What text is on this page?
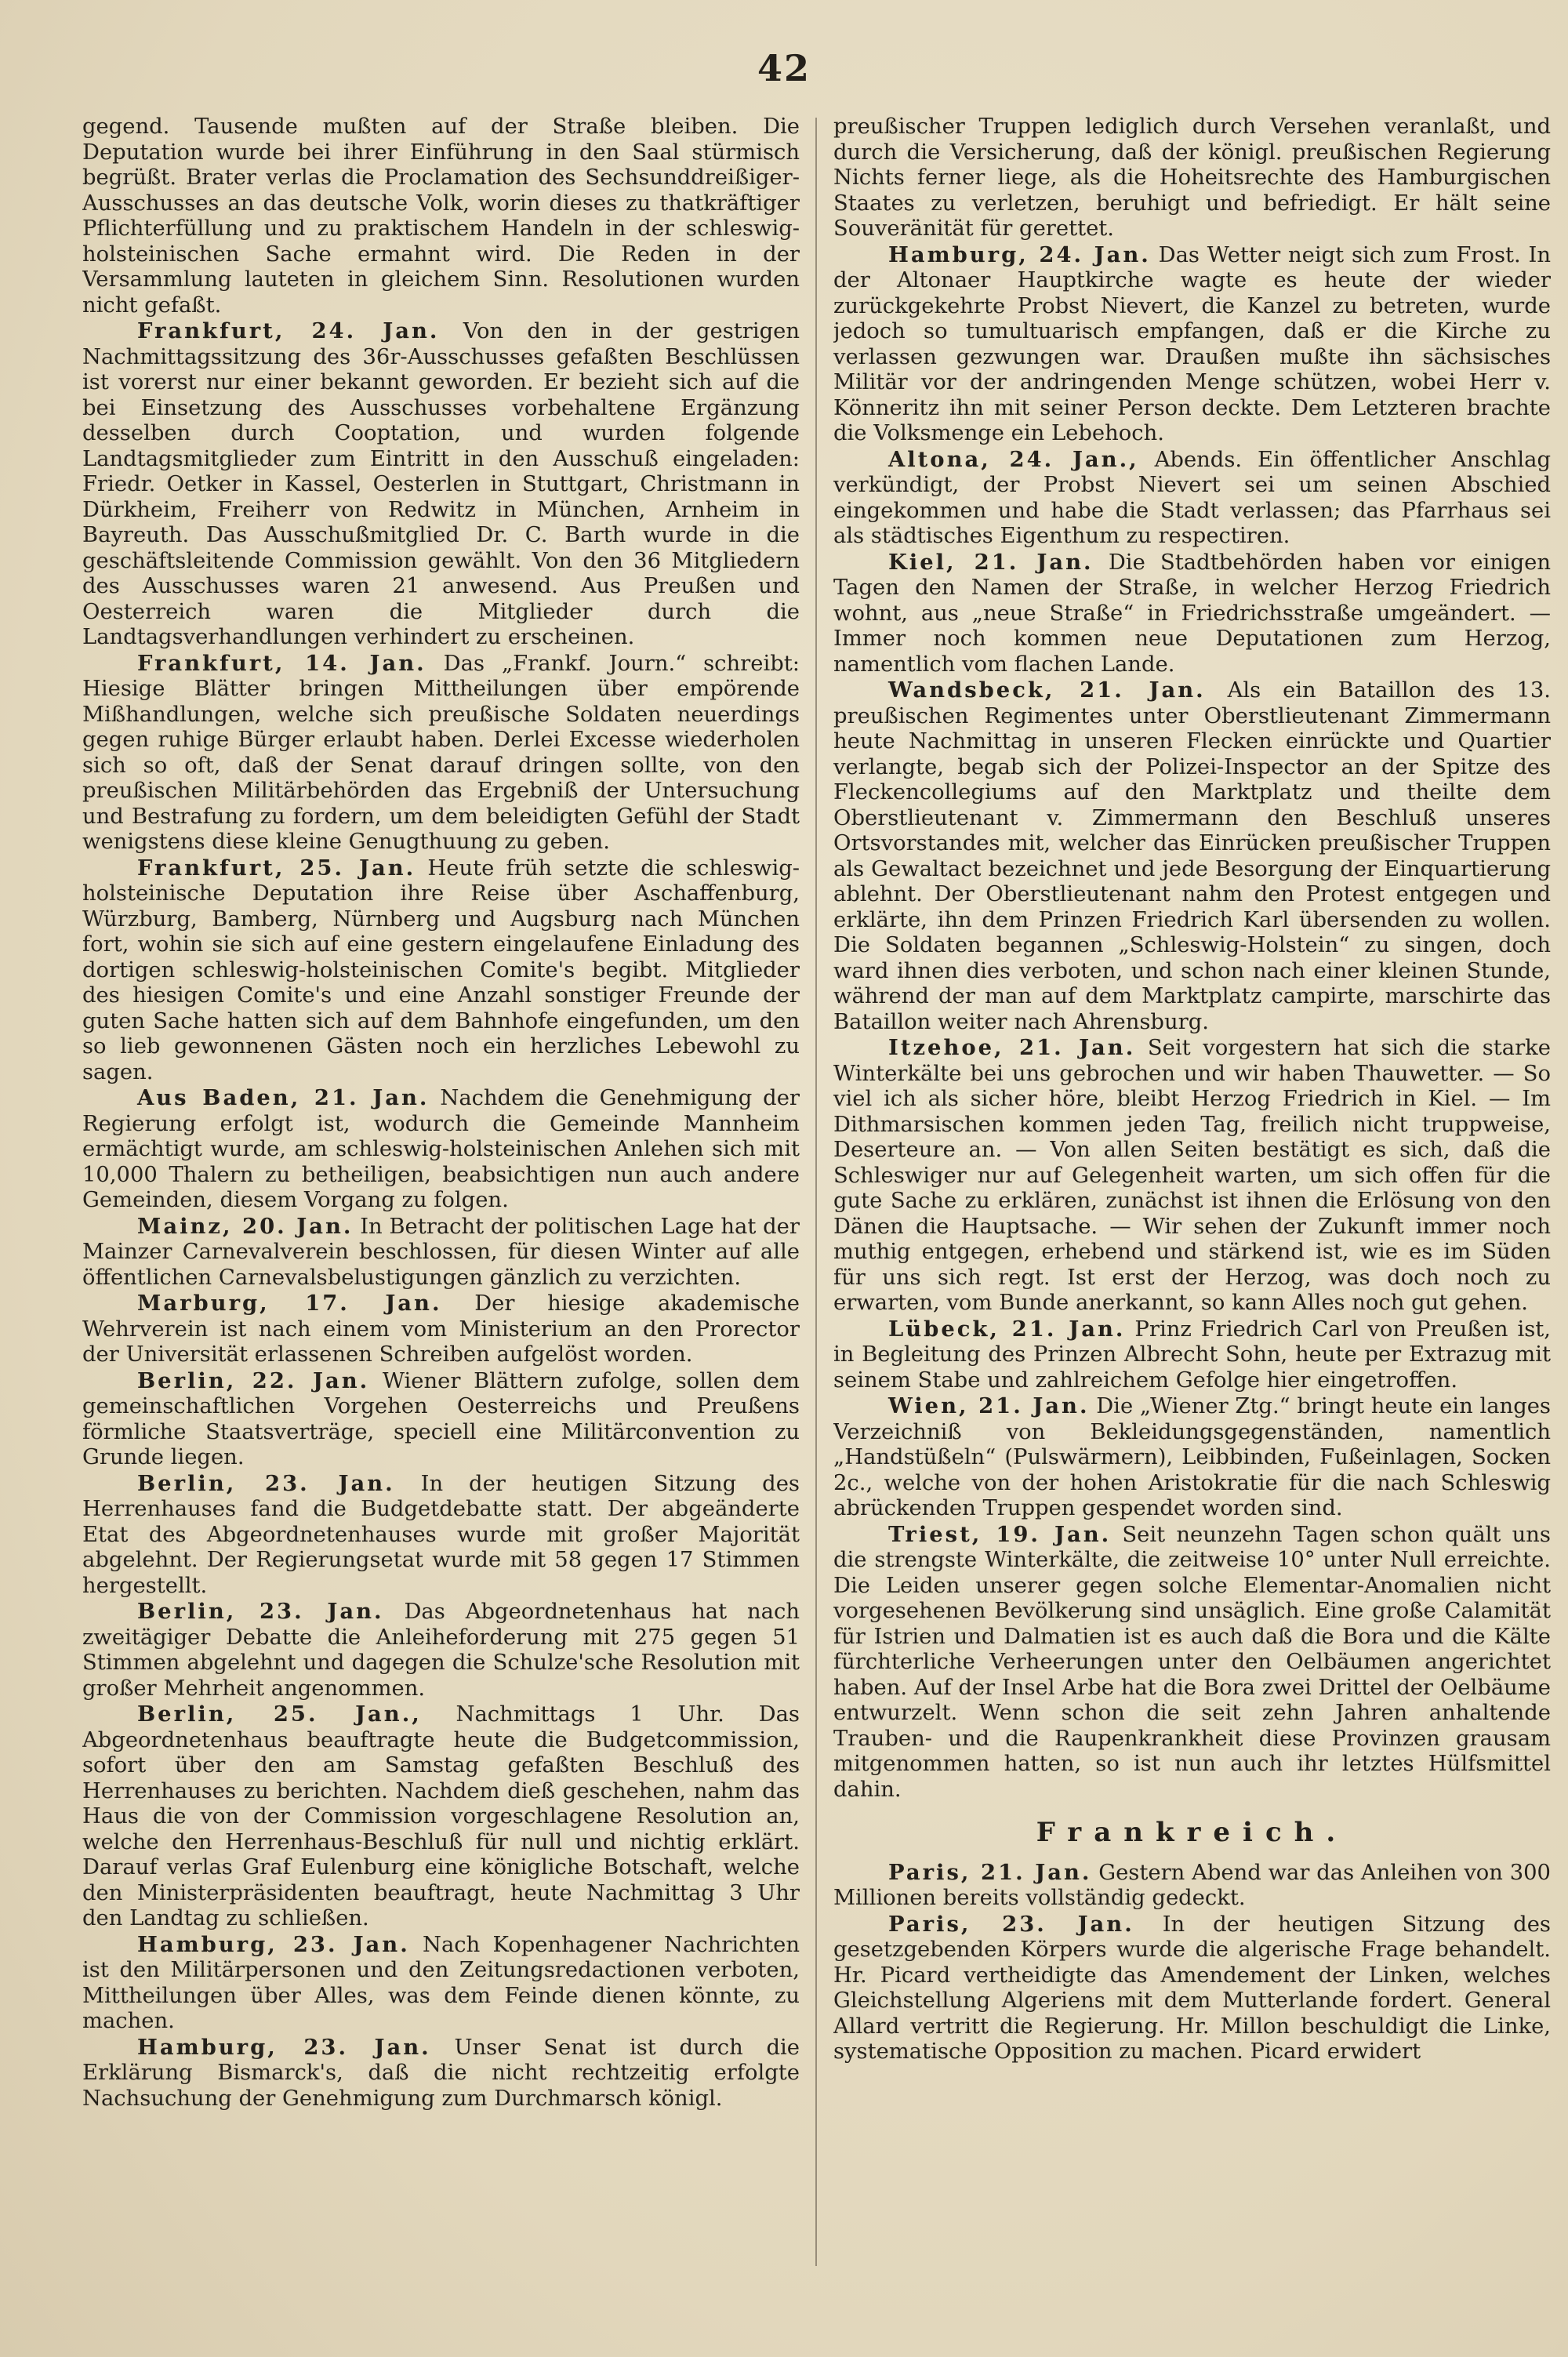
42

gegend. Tausende mußten auf der Straße bleiben. Die Deputation wurde bei ihrer Einführung in den Saal stürmisch begrüßt. Brater verlas die Proclamation des Sechsunddreißiger-Ausschusses an das deutsche Volk, worin dieses zu thatkräftiger Pflichterfüllung und zu praktischem Handeln in der schleswig-holsteinischen Sache ermahnt wird. Die Reden in der Versammlung lauteten in gleichem Sinn. Resolutionen wurden nicht gefaßt.

Frankfurt, 24. Jan. Von den in der gestrigen Nachmittagssitzung des 36r-Ausschusses gefaßten Beschlüssen ist vorerst nur einer bekannt geworden. Er bezieht sich auf die bei Einsetzung des Ausschusses vorbehaltene Ergänzung desselben durch Cooptation, und wurden folgende Landtagsmitglieder zum Eintritt in den Ausschuß eingeladen: Friedr. Oetker in Kassel, Oesterlen in Stuttgart, Christmann in Dürkheim, Freiherr von Redwitz in München, Arnheim in Bayreuth. Das Ausschußmitglied Dr. C. Barth wurde in die geschäftsleitende Commission gewählt. Von den 36 Mitgliedern des Ausschusses waren 21 anwesend. Aus Preußen und Oesterreich waren die Mitglieder durch die Landtagsverhandlungen verhindert zu erscheinen.

Frankfurt, 14. Jan. Das „Frankf. Journ.“ schreibt: Hiesige Blätter bringen Mittheilungen über empörende Mißhandlungen, welche sich preußische Soldaten neuerdings gegen ruhige Bürger erlaubt haben. Derlei Excesse wiederholen sich so oft, daß der Senat darauf dringen sollte, von den preußischen Militärbehörden das Ergebniß der Untersuchung und Bestrafung zu fordern, um dem beleidigten Gefühl der Stadt wenigstens diese kleine Genugthuung zu geben.

Frankfurt, 25. Jan. Heute früh setzte die schleswig-holsteinische Deputation ihre Reise über Aschaffenburg, Würzburg, Bamberg, Nürnberg und Augsburg nach München fort, wohin sie sich auf eine gestern eingelaufene Einladung des dortigen schleswig-holsteinischen Comite's begibt. Mitglieder des hiesigen Comite's und eine Anzahl sonstiger Freunde der guten Sache hatten sich auf dem Bahnhofe eingefunden, um den so lieb gewonnenen Gästen noch ein herzliches Lebewohl zu sagen.

Aus Baden, 21. Jan. Nachdem die Genehmigung der Regierung erfolgt ist, wodurch die Gemeinde Mannheim ermächtigt wurde, am schleswig-holsteinischen Anlehen sich mit 10,000 Thalern zu betheiligen, beabsichtigen nun auch andere Gemeinden, diesem Vorgang zu folgen.

Mainz, 20. Jan. In Betracht der politischen Lage hat der Mainzer Carnevalverein beschlossen, für diesen Winter auf alle öffentlichen Carnevalsbelustigungen gänzlich zu verzichten.

Marburg, 17. Jan. Der hiesige akademische Wehrverein ist nach einem vom Ministerium an den Prorector der Universität erlassenen Schreiben aufgelöst worden.

Berlin, 22. Jan. Wiener Blättern zufolge, sollen dem gemeinschaftlichen Vorgehen Oesterreichs und Preußens förmliche Staatsverträge, speciell eine Militärconvention zu Grunde liegen.

Berlin, 23. Jan. In der heutigen Sitzung des Herrenhauses fand die Budgetdebatte statt. Der abgeänderte Etat des Abgeordnetenhauses wurde mit großer Majorität abgelehnt. Der Regierungsetat wurde mit 58 gegen 17 Stimmen hergestellt.

Berlin, 23. Jan. Das Abgeordnetenhaus hat nach zweitägiger Debatte die Anleiheforderung mit 275 gegen 51 Stimmen abgelehnt und dagegen die Schulze'sche Resolution mit großer Mehrheit angenommen.

Berlin, 25. Jan., Nachmittags 1 Uhr. Das Abgeordnetenhaus beauftragte heute die Budgetcommission, sofort über den am Samstag gefaßten Beschluß des Herrenhauses zu berichten. Nachdem dieß geschehen, nahm das Haus die von der Commission vorgeschlagene Resolution an, welche den Herrenhaus-Beschluß für null und nichtig erklärt. Darauf verlas Graf Eulenburg eine königliche Botschaft, welche den Ministerpräsidenten beauftragt, heute Nachmittag 3 Uhr den Landtag zu schließen.

Hamburg, 23. Jan. Nach Kopenhagener Nachrichten ist den Militärpersonen und den Zeitungsredactionen verboten, Mittheilungen über Alles, was dem Feinde dienen könnte, zu machen.

Hamburg, 23. Jan. Unser Senat ist durch die Erklärung Bismarck's, daß die nicht rechtzeitig erfolgte Nachsuchung der Genehmigung zum Durchmarsch königl.

preußischer Truppen lediglich durch Versehen veranlaßt, und durch die Versicherung, daß der königl. preußischen Regierung Nichts ferner liege, als die Hoheitsrechte des Hamburgischen Staates zu verletzen, beruhigt und befriedigt. Er hält seine Souveränität für gerettet.

Hamburg, 24. Jan. Das Wetter neigt sich zum Frost. In der Altonaer Hauptkirche wagte es heute der wieder zurückgekehrte Probst Nievert, die Kanzel zu betreten, wurde jedoch so tumultuarisch empfangen, daß er die Kirche zu verlassen gezwungen war. Draußen mußte ihn sächsisches Militär vor der andringenden Menge schützen, wobei Herr v. Könneritz ihn mit seiner Person deckte. Dem Letzteren brachte die Volksmenge ein Lebehoch.

Altona, 24. Jan., Abends. Ein öffentlicher Anschlag verkündigt, der Probst Nievert sei um seinen Abschied eingekommen und habe die Stadt verlassen; das Pfarrhaus sei als städtisches Eigenthum zu respectiren.

Kiel, 21. Jan. Die Stadtbehörden haben vor einigen Tagen den Namen der Straße, in welcher Herzog Friedrich wohnt, aus „neue Straße“ in Friedrichsstraße umgeändert. — Immer noch kommen neue Deputationen zum Herzog, namentlich vom flachen Lande.

Wandsbeck, 21. Jan. Als ein Bataillon des 13. preußischen Regimentes unter Oberstlieutenant Zimmermann heute Nachmittag in unseren Flecken einrückte und Quartier verlangte, begab sich der Polizei-Inspector an der Spitze des Fleckencollegiums auf den Marktplatz und theilte dem Oberstlieutenant v. Zimmermann den Beschluß unseres Ortsvorstandes mit, welcher das Einrücken preußischer Truppen als Gewaltact bezeichnet und jede Besorgung der Einquartierung ablehnt. Der Oberstlieutenant nahm den Protest entgegen und erklärte, ihn dem Prinzen Friedrich Karl übersenden zu wollen. Die Soldaten begannen „Schleswig-Holstein“ zu singen, doch ward ihnen dies verboten, und schon nach einer kleinen Stunde, während der man auf dem Marktplatz campirte, marschirte das Bataillon weiter nach Ahrensburg.

Itzehoe, 21. Jan. Seit vorgestern hat sich die starke Winterkälte bei uns gebrochen und wir haben Thauwetter. — So viel ich als sicher höre, bleibt Herzog Friedrich in Kiel. — Im Dithmarsischen kommen jeden Tag, freilich nicht truppweise, Deserteure an. — Von allen Seiten bestätigt es sich, daß die Schleswiger nur auf Gelegenheit warten, um sich offen für die gute Sache zu erklären, zunächst ist ihnen die Erlösung von den Dänen die Hauptsache. — Wir sehen der Zukunft immer noch muthig entgegen, erhebend und stärkend ist, wie es im Süden für uns sich regt. Ist erst der Herzog, was doch noch zu erwarten, vom Bunde anerkannt, so kann Alles noch gut gehen.

Lübeck, 21. Jan. Prinz Friedrich Carl von Preußen ist, in Begleitung des Prinzen Albrecht Sohn, heute per Extrazug mit seinem Stabe und zahlreichem Gefolge hier eingetroffen.

Wien, 21. Jan. Die „Wiener Ztg.“ bringt heute ein langes Verzeichniß von Bekleidungsgegenständen, namentlich „Handstüßeln“ (Pulswärmern), Leibbinden, Fußeinlagen, Socken 2c., welche von der hohen Aristokratie für die nach Schleswig abrückenden Truppen gespendet worden sind.

Triest, 19. Jan. Seit neunzehn Tagen schon quält uns die strengste Winterkälte, die zeitweise 10° unter Null erreichte. Die Leiden unserer gegen solche Elementar-Anomalien nicht vorgesehenen Bevölkerung sind unsäglich. Eine große Calamität für Istrien und Dalmatien ist es auch daß die Bora und die Kälte fürchterliche Verheerungen unter den Oelbäumen angerichtet haben. Auf der Insel Arbe hat die Bora zwei Drittel der Oelbäume entwurzelt. Wenn schon die seit zehn Jahren anhaltende Trauben- und die Raupenkrankheit diese Provinzen grausam mitgenommen hatten, so ist nun auch ihr letztes Hülfsmittel dahin.

Frankreich.

Paris, 21. Jan. Gestern Abend war das Anleihen von 300 Millionen bereits vollständig gedeckt.

Paris, 23. Jan. In der heutigen Sitzung des gesetzgebenden Körpers wurde die algerische Frage behandelt. Hr. Picard vertheidigte das Amendement der Linken, welches Gleichstellung Algeriens mit dem Mutterlande fordert. General Allard vertritt die Regierung. Hr. Millon beschuldigt die Linke, systematische Opposition zu machen. Picard erwidert
